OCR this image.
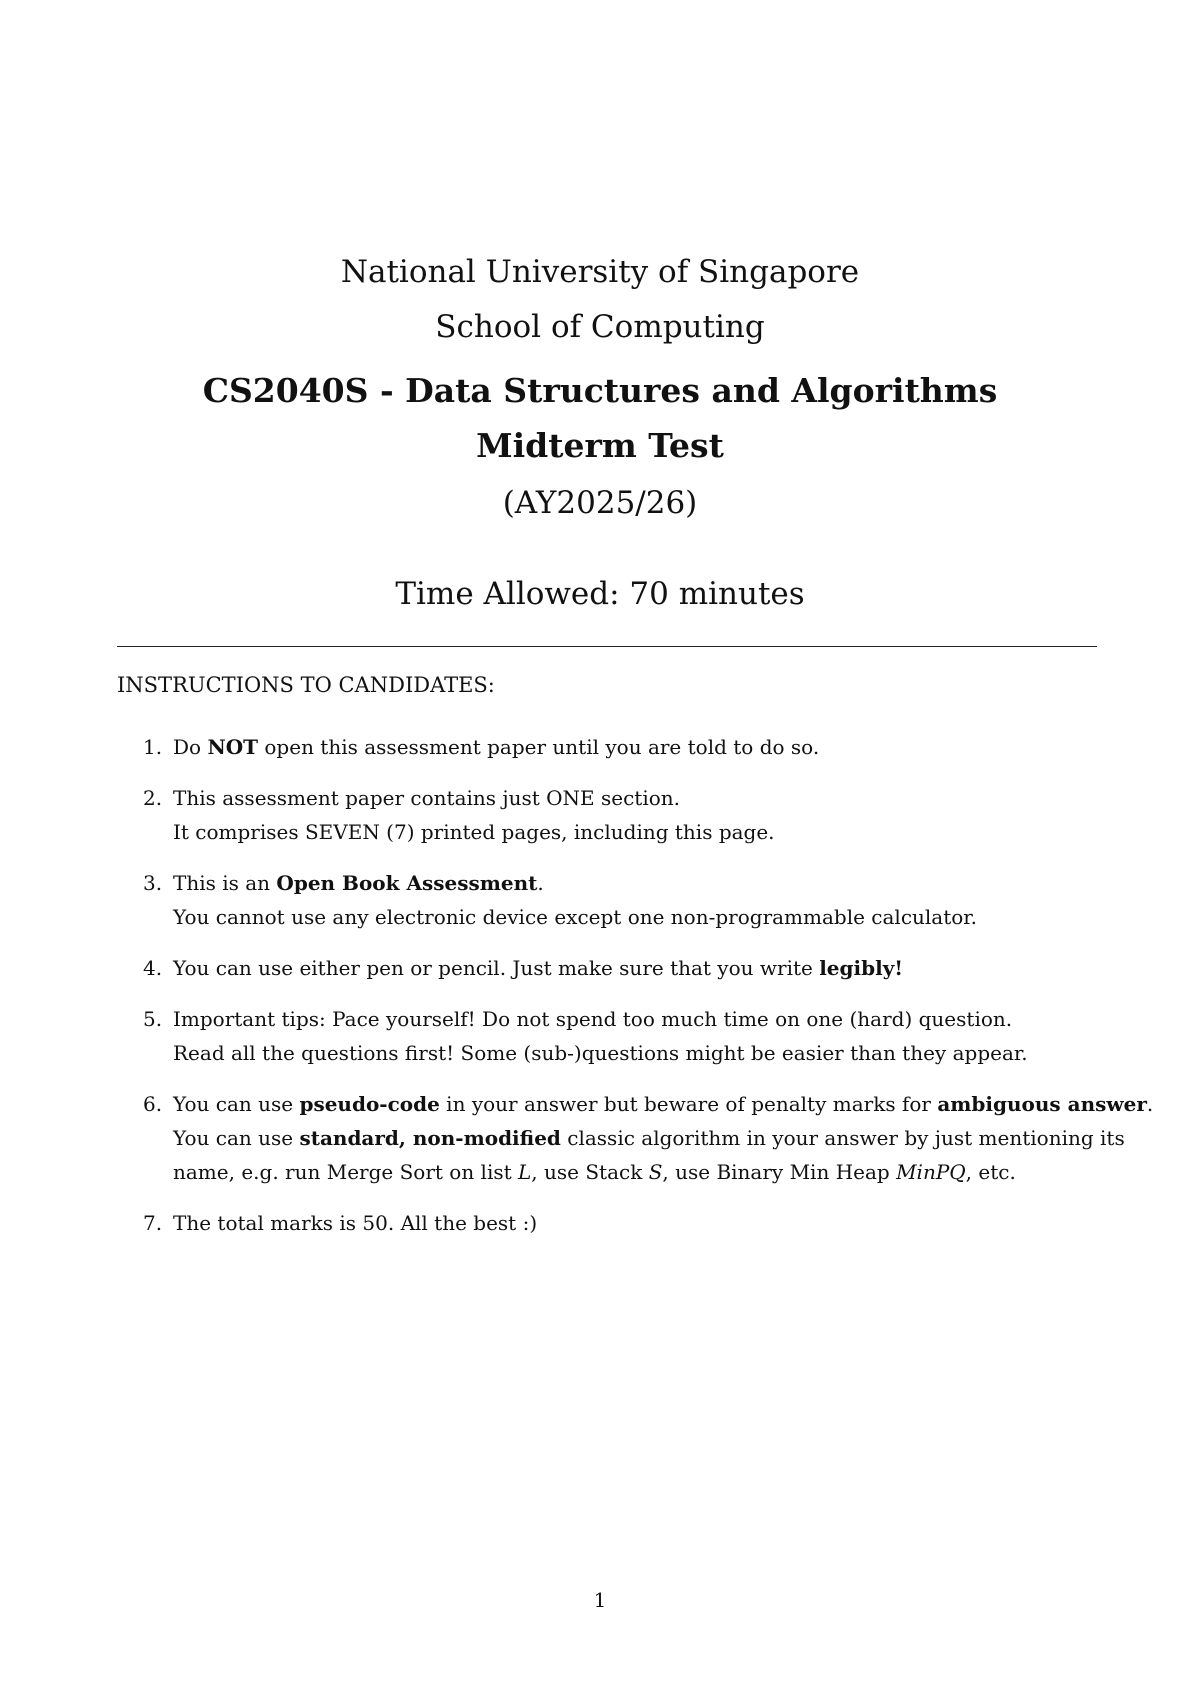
National University of Singapore
School of Computing
CS2040S - Data Structures and Algorithms
Midterm Test
(AY2025/26)
Time Allowed: 70 minutes
INSTRUCTIONS TO CANDIDATES:
1. Do NOT open this assessment paper until you are told to do so.
2. This assessment paper contains just ONE section.
It comprises SEVEN (7) printed pages, including this page.
3. This is an Open Book Assessment.
You cannot use any electronic device except one non-programmable calculator.
4. You can use either pen or pencil. Just make sure that you write legibly!
5. Important tips: Pace yourself! Do not spend too much time on one (hard) question.
Read all the questions first! Some (sub-)questions might be easier than they appear.
6. You can use pseudo-code in your answer but beware of penalty marks for ambiguous answer.
You can use standard, non-modified classic algorithm in your answer by just mentioning its
name, e.g. run Merge Sort on list L, use Stack S, use Binary Min Heap MinPQ, etc.
7. The total marks is 50. All the best :)
1
